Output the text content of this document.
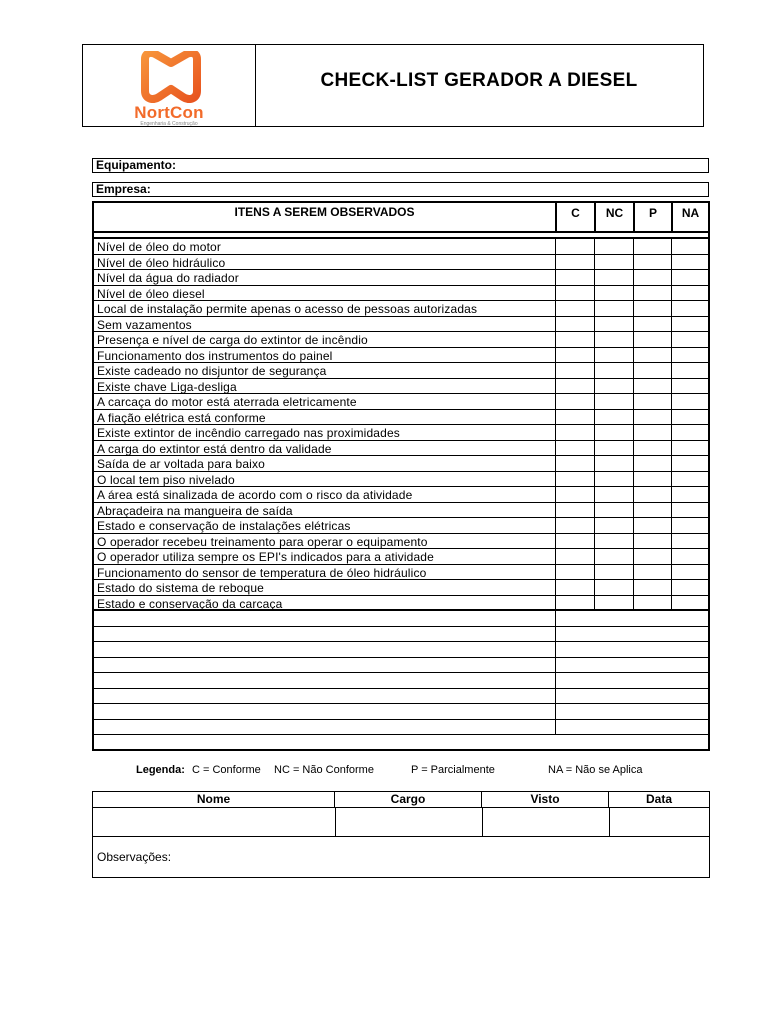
NortCon
Engenharia & Construção
CHECK-LIST GERADOR A DIESEL
Equipamento:
Empresa:
ITENS A SEREM OBSERVADOS	C	NC	P	NA
Nível de óleo do motor
Nível de óleo hidráulico
Nível da água do radiador
Nível de óleo diesel
Local de instalação permite apenas o acesso de pessoas autorizadas
Sem vazamentos
Presença e nível de carga do extintor de incêndio
Funcionamento dos instrumentos do painel
Existe cadeado no disjuntor de segurança
Existe chave Liga-desliga
A carcaça do motor está aterrada eletricamente
A fiação elétrica está conforme
Existe extintor de incêndio carregado nas proximidades
A carga do extintor está dentro da validade
Saída de ar voltada para baixo
O local tem piso nivelado
A área está sinalizada de acordo com o risco da atividade
Abraçadeira na mangueira de saída
Estado e conservação de instalações elétricas
O operador recebeu treinamento para operar o equipamento
O operador utiliza sempre os EPI's indicados para a atividade
Funcionamento do sensor de temperatura de óleo hidráulico
Estado do sistema de reboque
Estado e conservação da carcaça
Legenda: C = Conforme NC = Não Conforme	P = Parcialmente	NA = Não se Aplica
Nome	Cargo	Visto	Data
Observações:
